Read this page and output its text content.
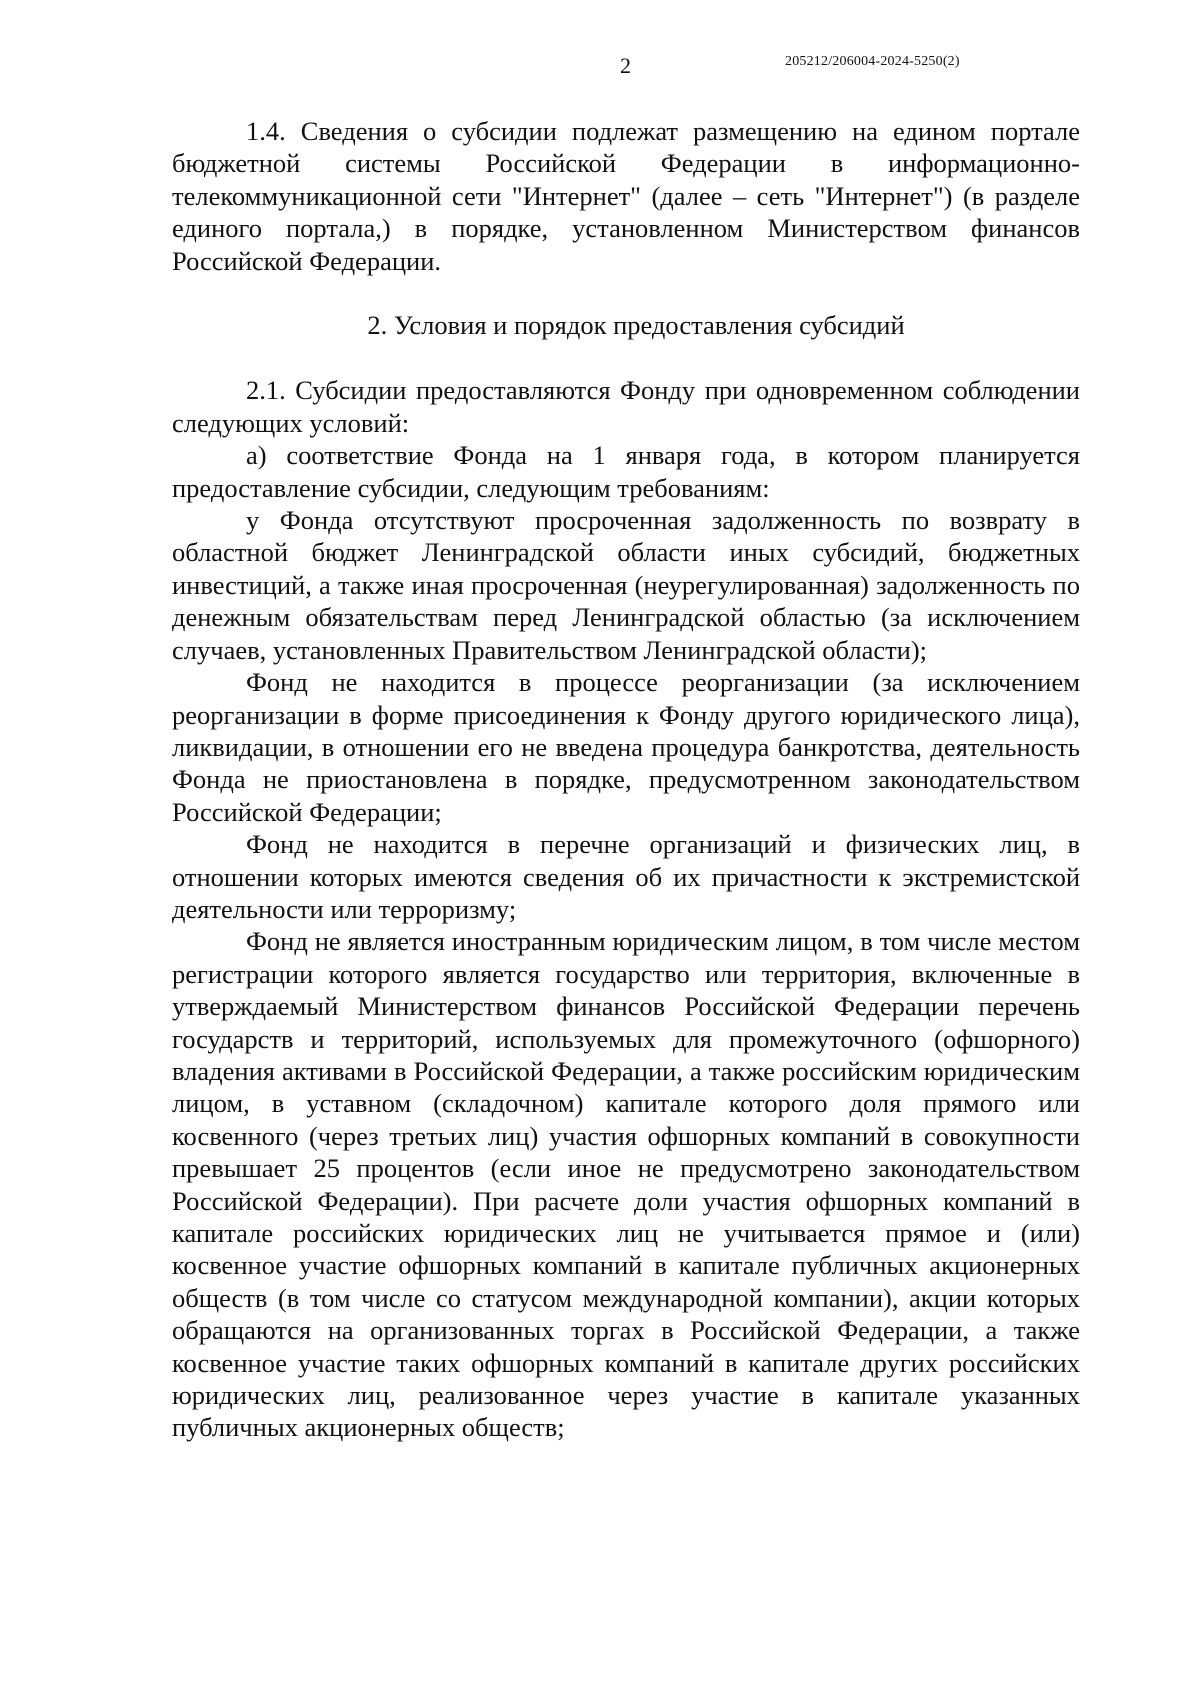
2	205212/206004-2024-5250(2)

1.4. Сведения о субсидии подлежат размещению на едином портале бюджетной системы Российской Федерации в информационно-телекоммуникационной сети "Интернет" (далее – сеть "Интернет") (в разделе единого портала,) в порядке, установленном Министерством финансов Российской Федерации.

2. Условия и порядок предоставления субсидий

2.1. Субсидии предоставляются Фонду при одновременном соблюдении следующих условий:

а) соответствие Фонда на 1 января года, в котором планируется предоставление субсидии, следующим требованиям:

у Фонда отсутствуют просроченная задолженность по возврату в областной бюджет Ленинградской области иных субсидий, бюджетных инвестиций, а также иная просроченная (неурегулированная) задолженность по денежным обязательствам перед Ленинградской областью (за исключением случаев, установленных Правительством Ленинградской области);

Фонд не находится в процессе реорганизации (за исключением реорганизации в форме присоединения к Фонду другого юридического лица), ликвидации, в отношении его не введена процедура банкротства, деятельность Фонда не приостановлена в порядке, предусмотренном законодательством Российской Федерации;

Фонд не находится в перечне организаций и физических лиц, в отношении которых имеются сведения об их причастности к экстремистской деятельности или терроризму;

Фонд не является иностранным юридическим лицом, в том числе местом регистрации которого является государство или территория, включенные в утверждаемый Министерством финансов Российской Федерации перечень государств и территорий, используемых для промежуточного (офшорного) владения активами в Российской Федерации, а также российским юридическим лицом, в уставном (складочном) капитале которого доля прямого или косвенного (через третьих лиц) участия офшорных компаний в совокупности превышает 25 процентов (если иное не предусмотрено законодательством Российской Федерации). При расчете доли участия офшорных компаний в капитале российских юридических лиц не учитывается прямое и (или) косвенное участие офшорных компаний в капитале публичных акционерных обществ (в том числе со статусом международной компании), акции которых обращаются на организованных торгах в Российской Федерации, а также косвенное участие таких офшорных компаний в капитале других российских юридических лиц, реализованное через участие в капитале указанных публичных акционерных обществ;
